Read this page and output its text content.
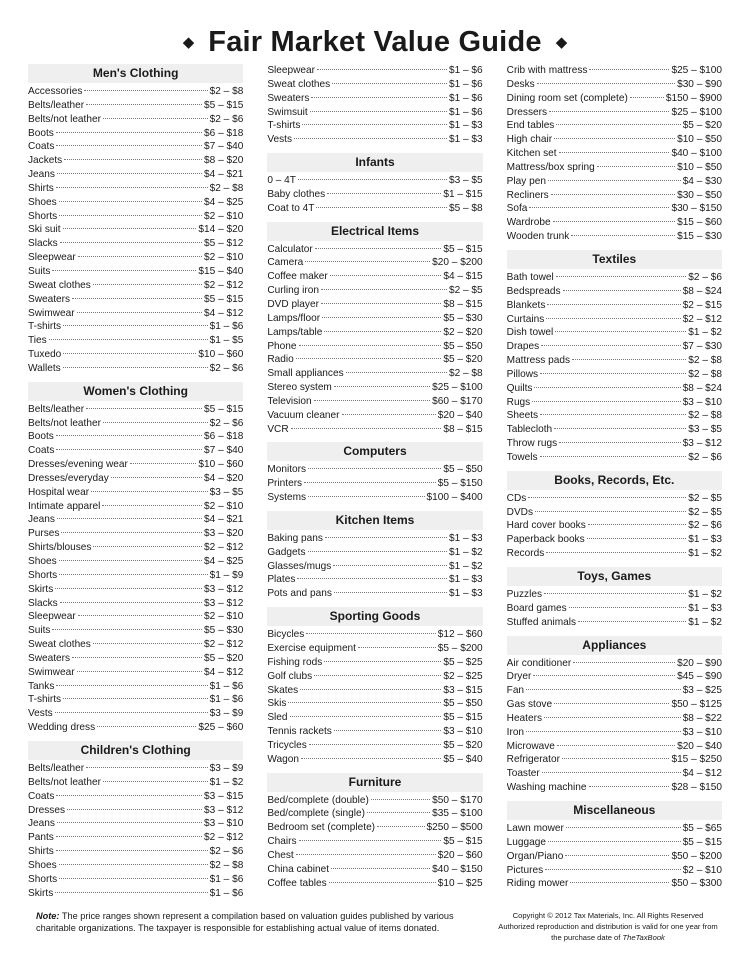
◆ Fair Market Value Guide ◆
Men's Clothing
Accessories	$2 – $8
Belts/leather	$5 – $15
Belts/not leather	$2 – $6
Boots	$6 – $18
Coats	$7 – $40
Jackets	$8 – $20
Jeans	$4 – $21
Shirts	$2 – $8
Shoes	$4 – $25
Shorts	$2 – $10
Ski suit	$14 – $20
Slacks	$5 – $12
Sleepwear	$2 – $10
Suits	$15 – $40
Sweat clothes	$2 – $12
Sweaters	$5 – $15
Swimwear	$4 – $12
T-shirts	$1 – $6
Ties	$1 – $5
Tuxedo	$10 – $60
Wallets	$2 – $6
Women's Clothing
Belts/leather	$5 – $15
Belts/not leather	$2 – $6
Boots	$6 – $18
Coats	$7 – $40
Dresses/evening wear	$10 – $60
Dresses/everyday	$4 – $20
Hospital wear	$3 – $5
Intimate apparel	$2 – $10
Jeans	$4 – $21
Purses	$3 – $20
Shirts/blouses	$2 – $12
Shoes	$4 – $25
Shorts	$1 – $9
Skirts	$3 – $12
Slacks	$3 – $12
Sleepwear	$2 – $10
Suits	$5 – $30
Sweat clothes	$2 – $12
Sweaters	$5 – $20
Swimwear	$4 – $12
Tanks	$1 – $6
T-shirts	$1 – $6
Vests	$3 – $9
Wedding dress	$25 – $60
Children's Clothing
Belts/leather	$3 – $9
Belts/not leather	$1 – $2
Coats	$3 – $15
Dresses	$3 – $12
Jeans	$3 – $10
Pants	$2 – $12
Shirts	$2 – $6
Shoes	$2 – $8
Shorts	$1 – $6
Skirts	$1 – $6
Sleepwear	$1 – $6
Sweat clothes	$1 – $6
Sweaters	$1 – $6
Swimsuit	$1 – $6
T-shirts	$1 – $3
Vests	$1 – $3
Infants
0 – 4T	$3 – $5
Baby clothes	$1 – $15
Coat to 4T	$5 – $8
Electrical Items
Calculator	$5 – $15
Camera	$20 – $200
Coffee maker	$4 – $15
Curling iron	$2 – $5
DVD player	$8 – $15
Lamps/floor	$5 – $30
Lamps/table	$2 – $20
Phone	$5 – $50
Radio	$5 – $20
Small appliances	$2 – $8
Stereo system	$25 – $100
Television	$60 – $170
Vacuum cleaner	$20 – $40
VCR	$8 – $15
Computers
Monitors	$5 – $50
Printers	$5 – $150
Systems	$100 – $400
Kitchen Items
Baking pans	$1 – $3
Gadgets	$1 – $2
Glasses/mugs	$1 – $2
Plates	$1 – $3
Pots and pans	$1 – $3
Sporting Goods
Bicycles	$12 – $60
Exercise equipment	$5 – $200
Fishing rods	$5 – $25
Golf clubs	$2 – $25
Skates	$3 – $15
Skis	$5 – $50
Sled	$5 – $15
Tennis rackets	$3 – $10
Tricycles	$5 – $20
Wagon	$5 – $40
Furniture
Bed/complete (double)	$50 – $170
Bed/complete (single)	$35 – $100
Bedroom set (complete)	$250 – $500
Chairs	$5 – $15
Chest	$20 – $60
China cabinet	$40 – $150
Coffee tables	$10 – $25
Crib with mattress	$25 – $100
Desks	$30 – $90
Dining room set (complete)	$150 – $900
Dressers	$25 – $100
End tables	$5 – $20
High chair	$10 – $50
Kitchen set	$40 – $100
Mattress/box spring	$10 – $50
Play pen	$4 – $30
Recliners	$30 – $50
Sofa	$30 – $150
Wardrobe	$15 – $60
Wooden trunk	$15 – $30
Textiles
Bath towel	$2 – $6
Bedspreads	$8 – $24
Blankets	$2 – $15
Curtains	$2 – $12
Dish towel	$1 – $2
Drapes	$7 – $30
Mattress pads	$2 – $8
Pillows	$2 – $8
Quilts	$8 – $24
Rugs	$3 – $10
Sheets	$2 – $8
Tablecloth	$3 – $5
Throw rugs	$3 – $12
Towels	$2 – $6
Books, Records, Etc.
CDs	$2 – $5
DVDs	$2 – $5
Hard cover books	$2 – $6
Paperback books	$1 – $3
Records	$1 – $2
Toys, Games
Puzzles	$1 – $2
Board games	$1 – $3
Stuffed animals	$1 – $2
Appliances
Air conditioner	$20 – $90
Dryer	$45 – $90
Fan	$3 – $25
Gas stove	$50 – $125
Heaters	$8 – $22
Iron	$3 – $10
Microwave	$20 – $40
Refrigerator	$15 – $250
Toaster	$4 – $12
Washing machine	$28 – $150
Miscellaneous
Lawn mower	$5 – $65
Luggage	$5 – $15
Organ/Piano	$50 – $200
Pictures	$2 – $10
Riding mower	$50 – $300
Note: The price ranges shown represent a compilation based on valuation guides published by various charitable organizations. The taxpayer is responsible for establishing actual value of items donated.
Copyright © 2012 Tax Materials, Inc. All Rights Reserved
Authorized reproduction and distribution is valid for one year from the purchase date of TheTaxBook
